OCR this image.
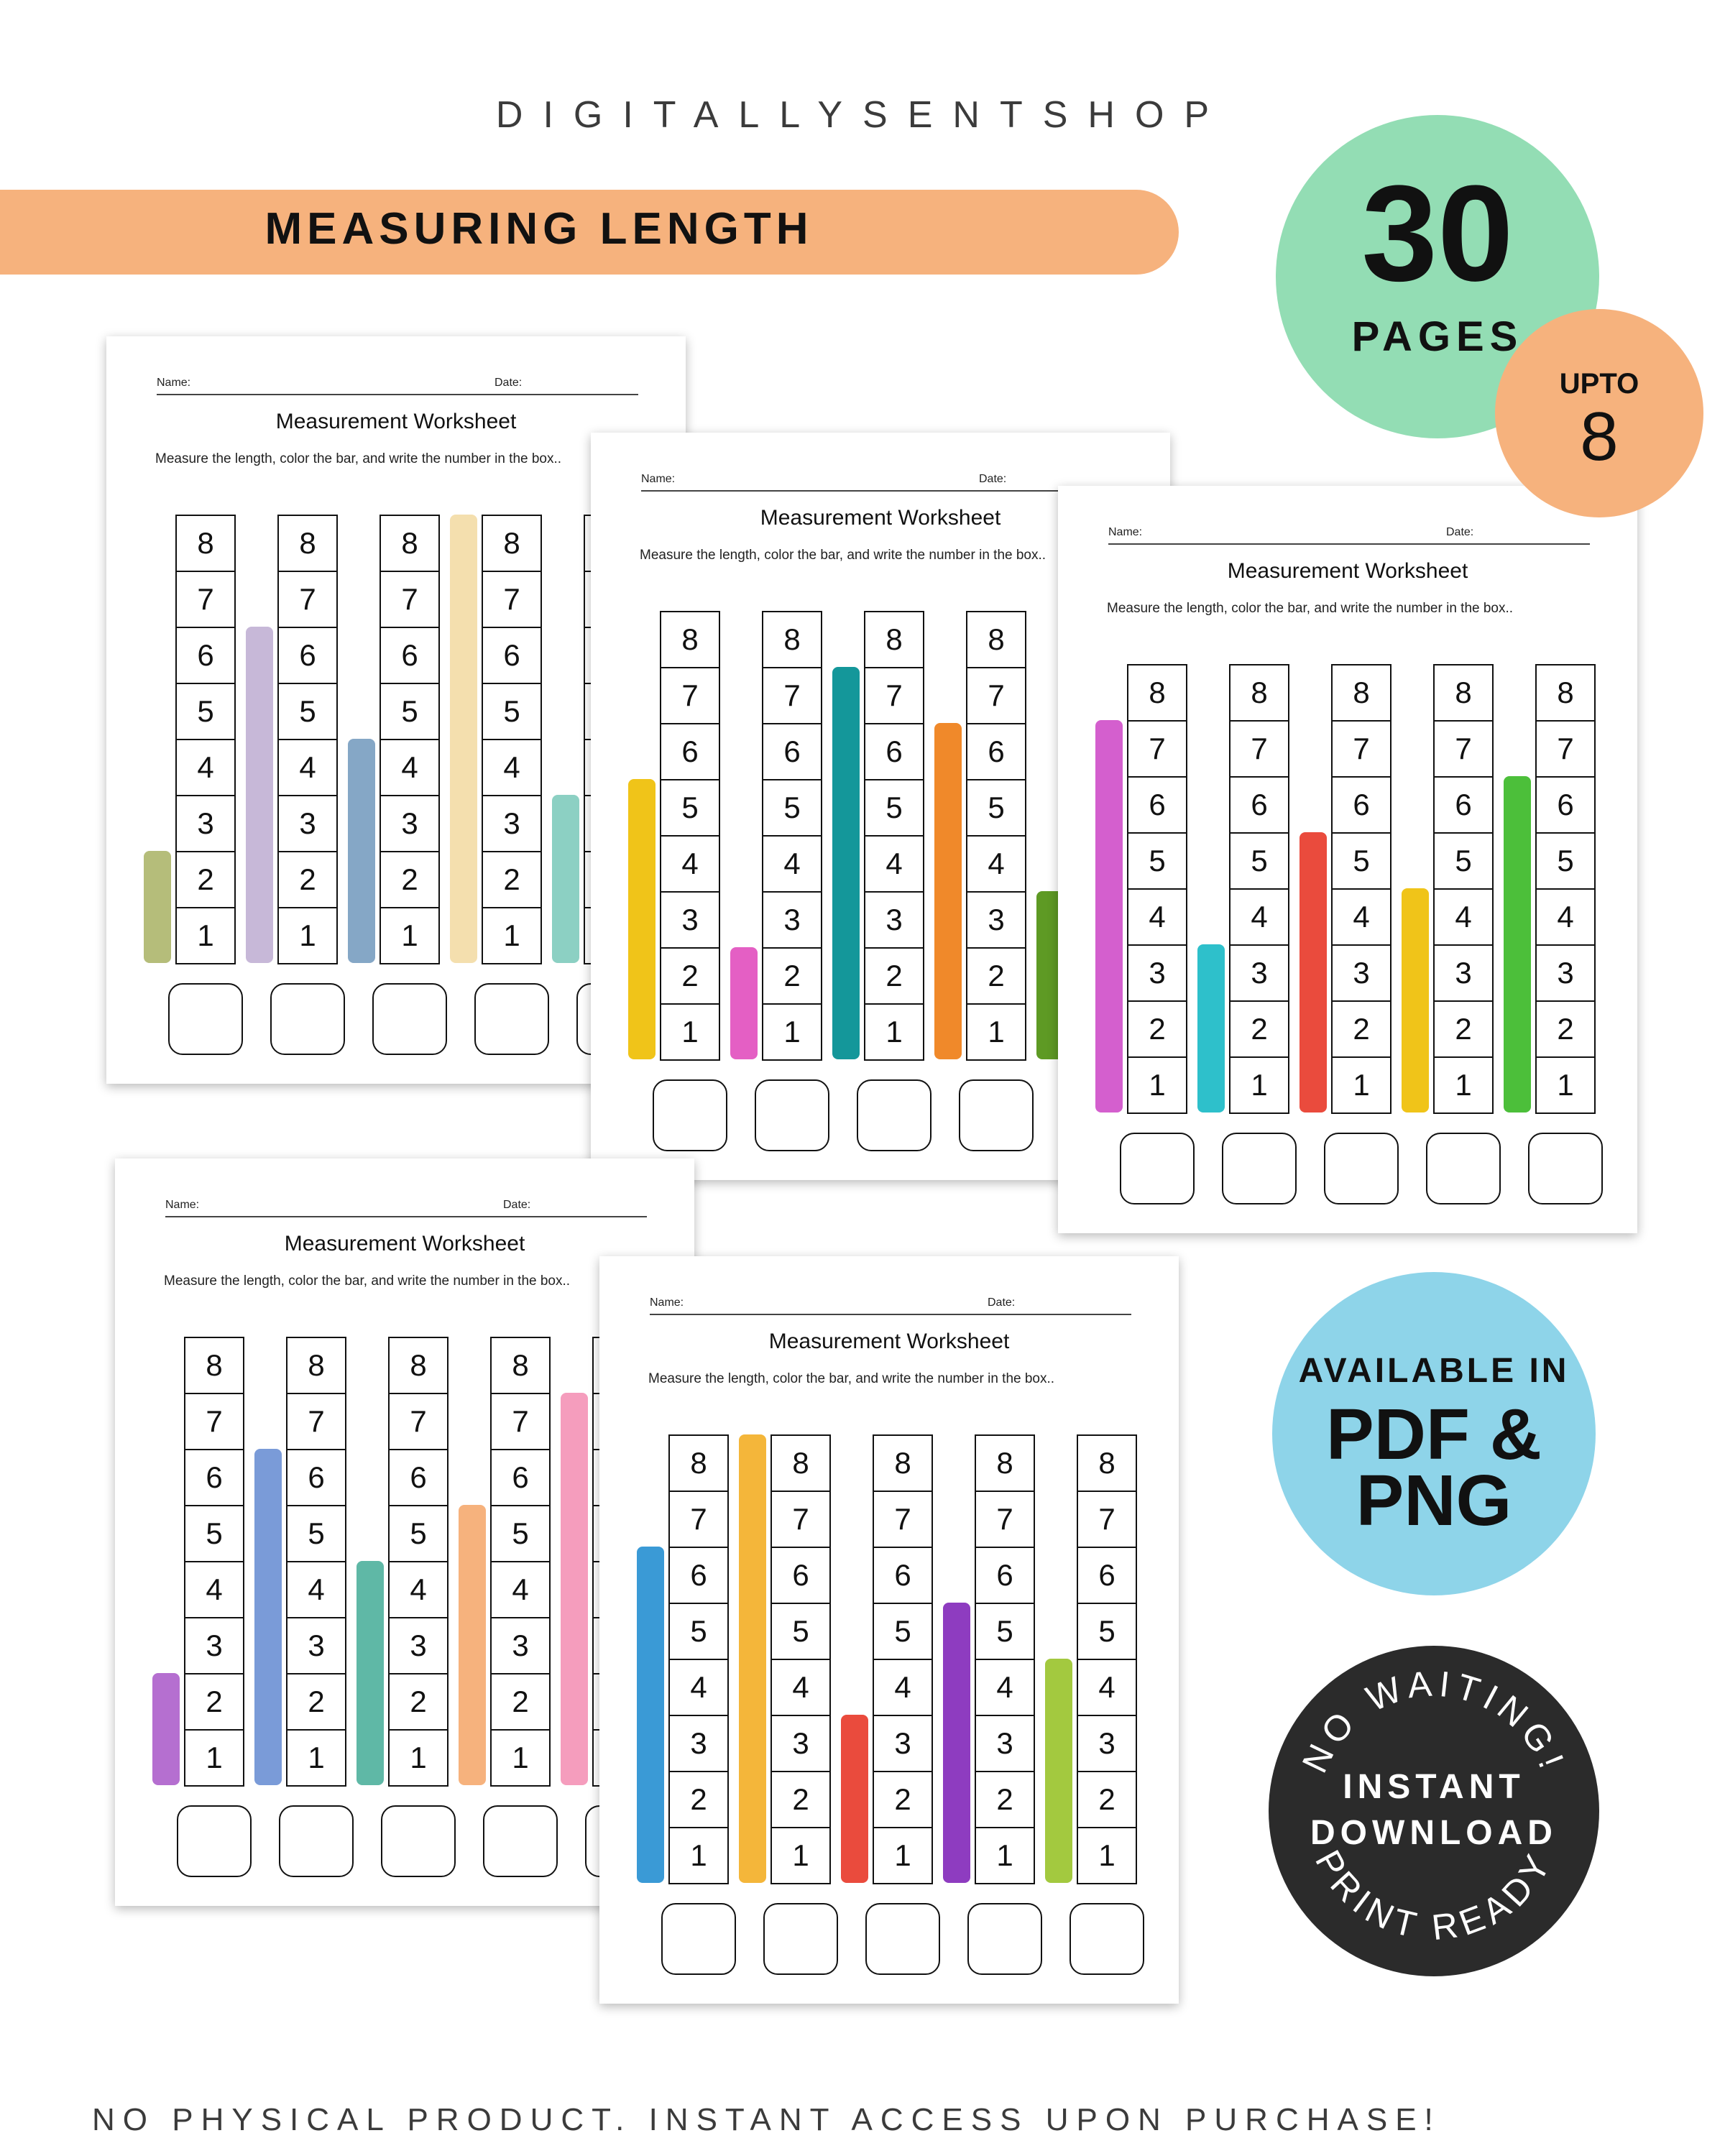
DIGITALLYSENTSHOP
MEASURING LENGTH
Name:	Date:
Measurement Worksheet
Measure the length, color the bar, and write the number in the box..
8
7
6
5
4
3
2
1
8
7
6
5
4
3
2
1
8
7
6
5
4
3
2
1
8
7
6
5
4
3
2
1
Name:	Date:
Measurement Worksheet
Measure the length, color the bar, and write the number in the box..
8
7
6
5
4
3
2
1
8
7
6
5
4
3
2
1
8
7
6
5
4
3
2
1
8
7
6
5
4
3
2
1
Name:	Date:
Measurement Worksheet
Measure the length, color the bar, and write the number in the box..
8
7
6
5
4
3
2
1
8
7
6
5
4
3
2
1
8
7
6
5
4
3
2
1
8
7
6
5
4
3
2
1
8
7
6
5
4
3
2
1
Name:	Date:
Measurement Worksheet
Measure the length, color the bar, and write the number in the box..
8
7
6
5
4
3
2
1
8
7
6
5
4
3
2
1
8
7
6
5
4
3
2
1
8
7
6
5
4
3
2
1
Name:	Date:
Measurement Worksheet
Measure the length, color the bar, and write the number in the box..
8
7
6
5
4
3
2
1
8
7
6
5
4
3
2
1
8
7
6
5
4
3
2
1
8
7
6
5
4
3
2
1
8
7
6
5
4
3
2
1
30
PAGES
UPTO
8
AVAILABLE IN
PDF &
PNG
NO WAITING!
INSTANT
DOWNLOAD
PRINT READY
NO PHYSICAL PRODUCT. INSTANT ACCESS UPON PURCHASE!
